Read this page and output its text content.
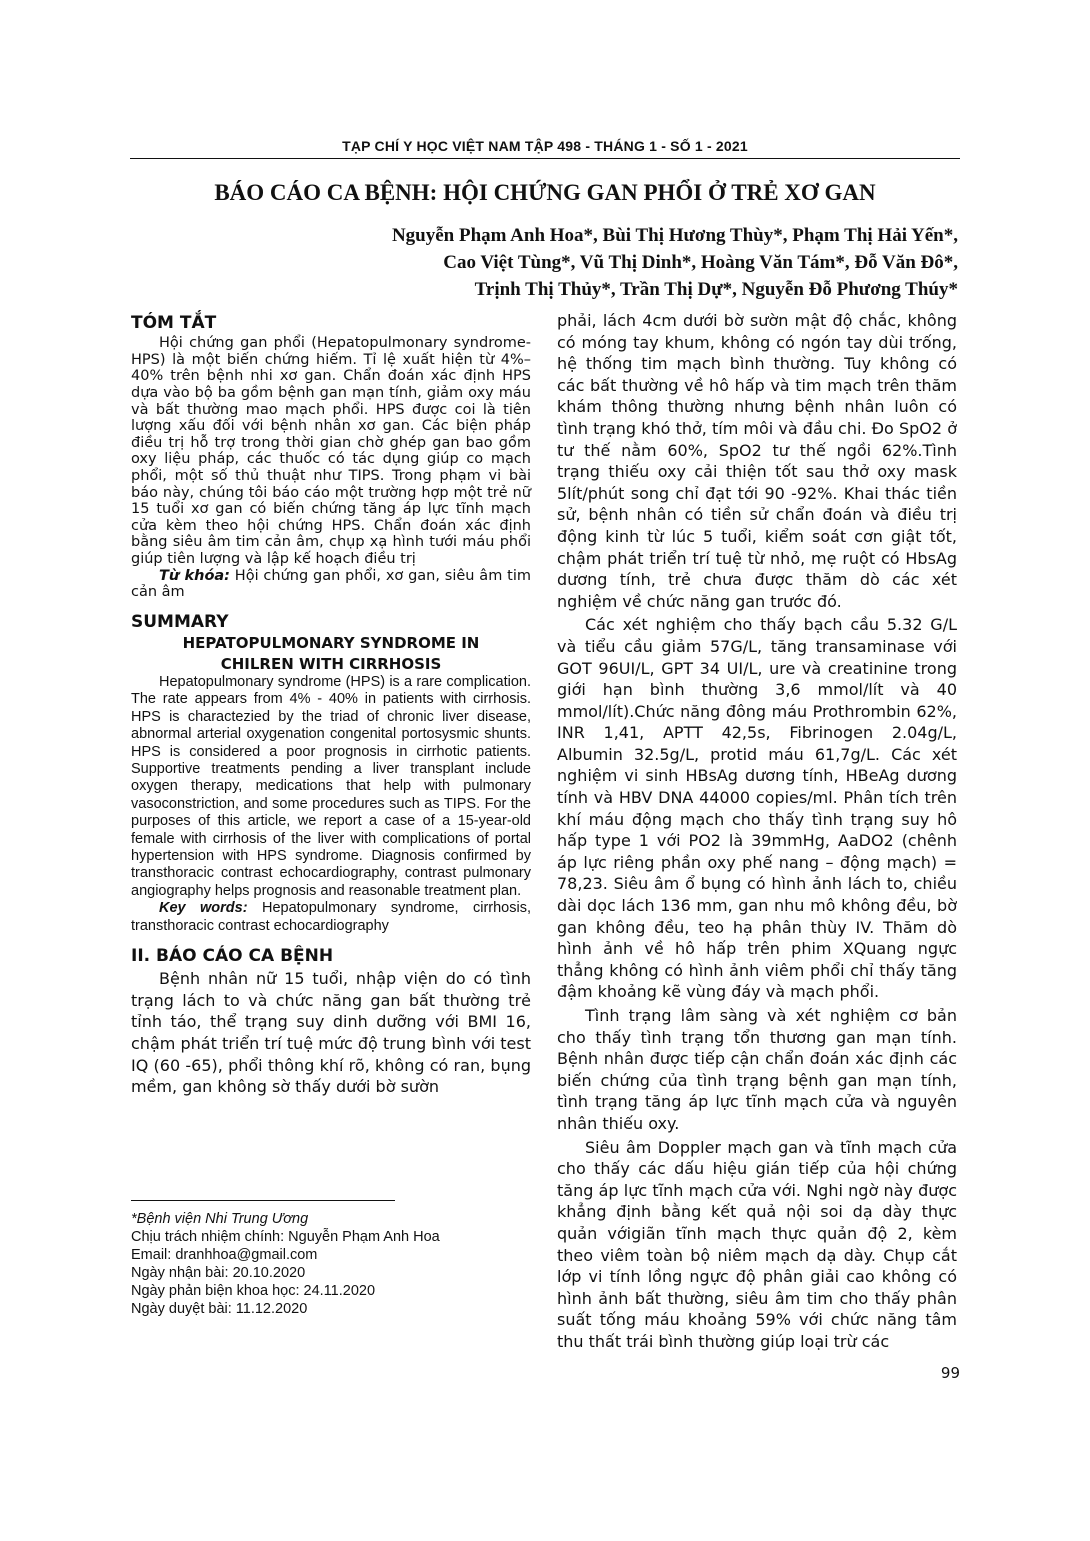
TẠP CHÍ Y HỌC VIỆT NAM TẬP 498 - THÁNG 1 - SỐ 1 - 2021
BÁO CÁO CA BỆNH: HỘI CHỨNG GAN PHỔI Ở TRẺ XƠ GAN
Nguyễn Phạm Anh Hoa*, Bùi Thị Hương Thùy*, Phạm Thị Hải Yến*,
Cao Việt Tùng*, Vũ Thị Dinh*, Hoàng Văn Tám*, Đỗ Văn Đô*,
Trịnh Thị Thủy*, Trần Thị Dự*, Nguyễn Đỗ Phương Thúy*
TÓM TẮT

Hội chứng gan phổi (Hepatopulmonary syndrome-HPS) là một biến chứng hiếm. Tỉ lệ xuất hiện từ 4%–40% trên bệnh nhi xơ gan. Chẩn đoán xác định HPS dựa vào bộ ba gồm bệnh gan mạn tính, giảm oxy máu và bất thường mao mạch phổi. HPS được coi là tiên lượng xấu đối với bệnh nhân xơ gan. Các biện pháp điều trị hỗ trợ trong thời gian chờ ghép gan bao gồm oxy liệu pháp, các thuốc có tác dụng giúp co mạch phổi, một số thủ thuật như TIPS. Trong phạm vi bài báo này, chúng tôi báo cáo một trường hợp một trẻ nữ 15 tuổi xơ gan có biến chứng tăng áp lực tĩnh mạch cửa kèm theo hội chứng HPS. Chẩn đoán xác định bằng siêu âm tim cản âm, chụp xạ hình tưới máu phổi giúp tiên lượng và lập kế hoạch điều trị

Từ khóa: Hội chứng gan phổi, xơ gan, siêu âm tim cản âm

SUMMARY
HEPATOPULMONARY SYNDROME IN
CHILREN WITH CIRRHOSIS

Hepatopulmonary syndrome (HPS) is a rare complication. The rate appears from 4% - 40% in patients with cirrhosis. HPS is charactezied by the triad of chronic liver disease, abnormal arterial oxygenation congenital portosysmic shunts. HPS is considered a poor prognosis in cirrhotic patients. Supportive treatments pending a liver transplant include oxygen therapy, medications that help with pulmonary vasoconstriction, and some procedures such as TIPS. For the purposes of this article, we report a case of a 15-year-old female with cirrhosis of the liver with complications of portal hypertension with HPS syndrome. Diagnosis confirmed by transthoracic contrast echocardiography, contrast pulmonary angiography helps prognosis and reasonable treatment plan.

Key words: Hepatopulmonary syndrome, cirrhosis, transthoracic contrast echocardiography

II. BÁO CÁO CA BỆNH

Bệnh nhân nữ 15 tuổi, nhập viện do có tình trạng lách to và chức năng gan bất thường trẻ tỉnh táo, thể trạng suy dinh dưỡng với BMI 16, chậm phát triển trí tuệ mức độ trung bình với test IQ (60 -65), phổi thông khí rõ, không có ran, bụng mềm, gan không sờ thấy dưới bờ sườn

*Bệnh viện Nhi Trung Ương
Chịu trách nhiệm chính: Nguyễn Phạm Anh Hoa
Email: dranhhoa@gmail.com
Ngày nhận bài: 20.10.2020
Ngày phản biện khoa học: 24.11.2020
Ngày duyệt bài: 11.12.2020

phải, lách 4cm dưới bờ sườn mật độ chắc, không có móng tay khum, không có ngón tay dùi trống, hệ thống tim mạch bình thường. Tuy không có các bất thường về hô hấp và tim mạch trên thăm khám thông thường nhưng bệnh nhân luôn có tình trạng khó thở, tím môi và đầu chi. Đo SpO2 ở tư thế nằm 60%, SpO2 tư thế ngồi 62%.Tình trạng thiếu oxy cải thiện tốt sau thở oxy mask 5lít/phút song chỉ đạt tới 90 -92%. Khai thác tiền sử, bệnh nhân có tiền sử chẩn đoán và điều trị động kinh từ lúc 5 tuổi, kiểm soát cơn giật tốt, chậm phát triển trí tuệ từ nhỏ, mẹ ruột có HbsAg dương tính, trẻ chưa được thăm dò các xét nghiệm về chức năng gan trước đó.

Các xét nghiệm cho thấy bạch cầu 5.32 G/L và tiểu cầu giảm 57G/L, tăng transaminase với GOT 96UI/L, GPT 34 UI/L, ure và creatinine trong giới hạn bình thường 3,6 mmol/lít và 40 mmol/lít).Chức năng đông máu Prothrombin 62%, INR 1,41, APTT 42,5s, Fibrinogen 2.04g/L, Albumin 32.5g/L, protid máu 61,7g/L. Các xét nghiệm vi sinh HBsAg dương tính, HBeAg dương tính và HBV DNA 44000 copies/ml. Phân tích trên khí máu động mạch cho thấy tình trạng suy hô hấp type 1 với PO2 là 39mmHg, AaDO2 (chênh áp lực riêng phần oxy phế nang – động mạch) = 78,23. Siêu âm ổ bụng có hình ảnh lách to, chiều dài dọc lách 136 mm, gan nhu mô không đều, bờ gan không đều, teo hạ phân thùy IV. Thăm dò hình ảnh về hô hấp trên phim XQuang ngực thẳng không có hình ảnh viêm phổi chỉ thấy tăng đậm khoảng kẽ vùng đáy và mạch phổi.

Tình trạng lâm sàng và xét nghiệm cơ bản cho thấy tình trạng tổn thương gan mạn tính. Bệnh nhân được tiếp cận chẩn đoán xác định các biến chứng của tình trạng bệnh gan mạn tính, tình trạng tăng áp lực tĩnh mạch cửa và nguyên nhân thiếu oxy.

Siêu âm Doppler mạch gan và tĩnh mạch cửa cho thấy các dấu hiệu gián tiếp của hội chứng tăng áp lực tĩnh mạch cửa với. Nghi ngờ này được khẳng định bằng kết quả nội soi dạ dày thực quản vớigiãn tĩnh mạch thực quản độ 2, kèm theo viêm toàn bộ niêm mạch dạ dày. Chụp cắt lớp vi tính lồng ngực độ phân giải cao không có hình ảnh bất thường, siêu âm tim cho thấy phân suất tống máu khoảng 59% với chức năng tâm thu thất trái bình thường giúp loại trừ các

99
